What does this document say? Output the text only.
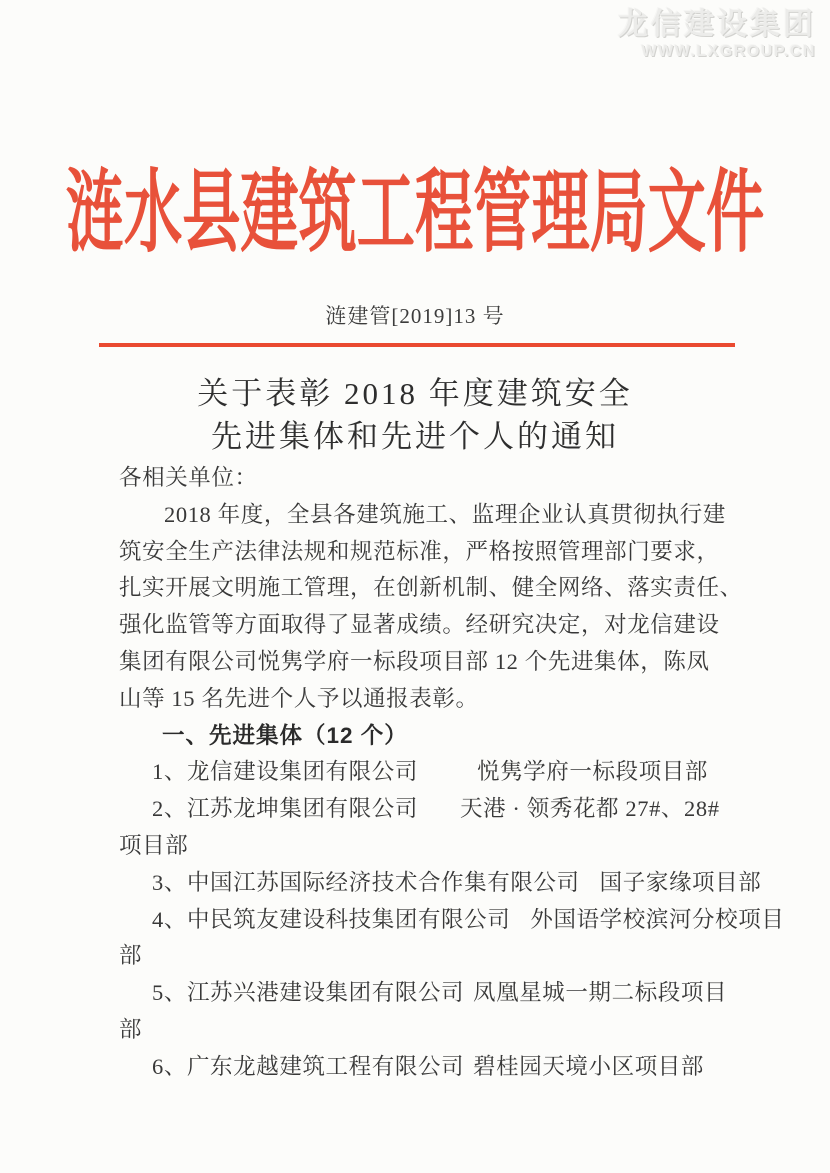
龙信建设集团
WWW.LXGROUP.CN
涟水县建筑工程管理局文件
涟建管[2019]13 号
关于表彰 2018 年度建筑安全
先进集体和先进个人的通知
各相关单位：
2018 年度，全县各建筑施工、监理企业认真贯彻执行建
筑安全生产法律法规和规范标准，严格按照管理部门要求，
扎实开展文明施工管理，在创新机制、健全网络、落实责任、
强化监管等方面取得了显著成绩。经研究决定，对龙信建设
集团有限公司悦隽学府一标段项目部 12 个先进集体，陈凤
山等 15 名先进个人予以通报表彰。
一、先进集体（12 个）
1、龙信建设集团有限公司	悦隽学府一标段项目部
2、江苏龙坤集团有限公司 天港 · 领秀花都 27#、28#
项目部
3、中国江苏国际经济技术合作集有限公司 国子家缘项目部
4、中民筑友建设科技集团有限公司 外国语学校滨河分校项目
部
5、江苏兴港建设集团有限公司 凤凰星城一期二标段项目
部
6、广东龙越建筑工程有限公司 碧桂园天境小区项目部
